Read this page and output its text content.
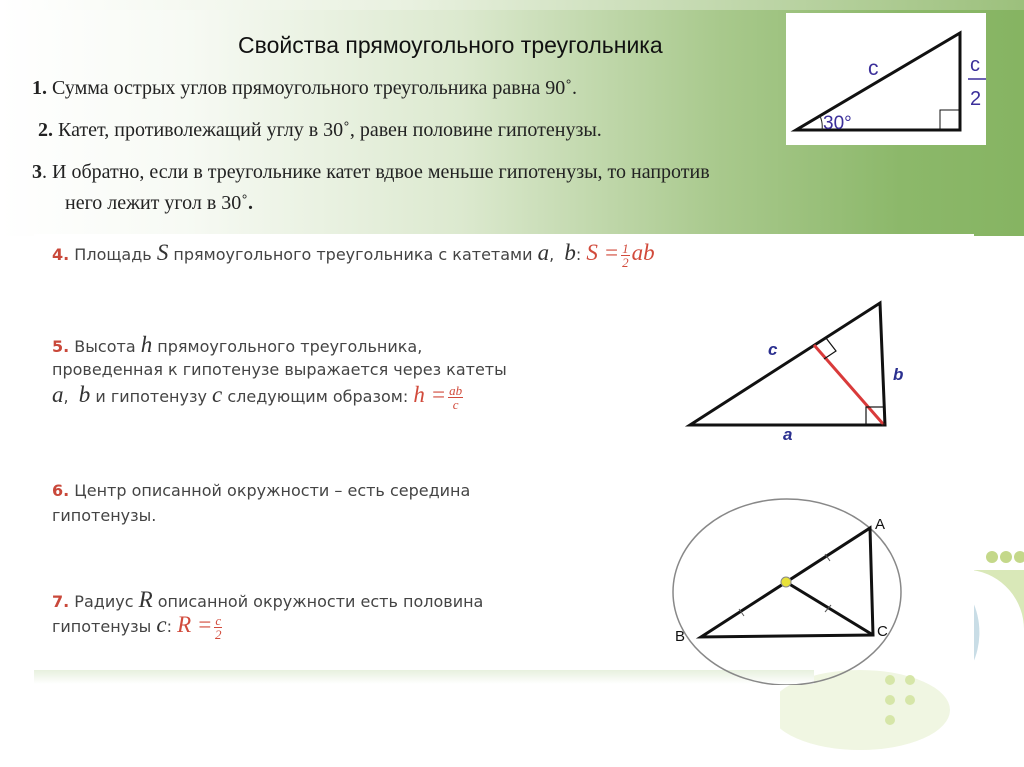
Свойства прямоугольного треугольника
1. Сумма острых углов прямоугольного треугольника равна 90˚.
2. Катет, противолежащий углу в 30˚, равен половине гипотенузы.
3. И обратно, если в треугольнике катет вдвое меньше гипотенузы, то напротив
него лежит угол в 30˚.
c	c
2
30°
4. Площадь S прямоугольного треугольника с катетами a, b: $S = \frac{1}{2}$ ab
5. Высота h прямоугольного треугольника,
проведенная к гипотенузе выражается через катеты
a, b и гипотенузу c следующим образом: $h = \frac{ab}{c}$
c
b
a
6. Центр описанной окружности – есть середина
гипотенузы.
7. Радиус R описанной окружности есть половина
гипотенузы c: $R = \frac{c}{2}$
A
B	C
